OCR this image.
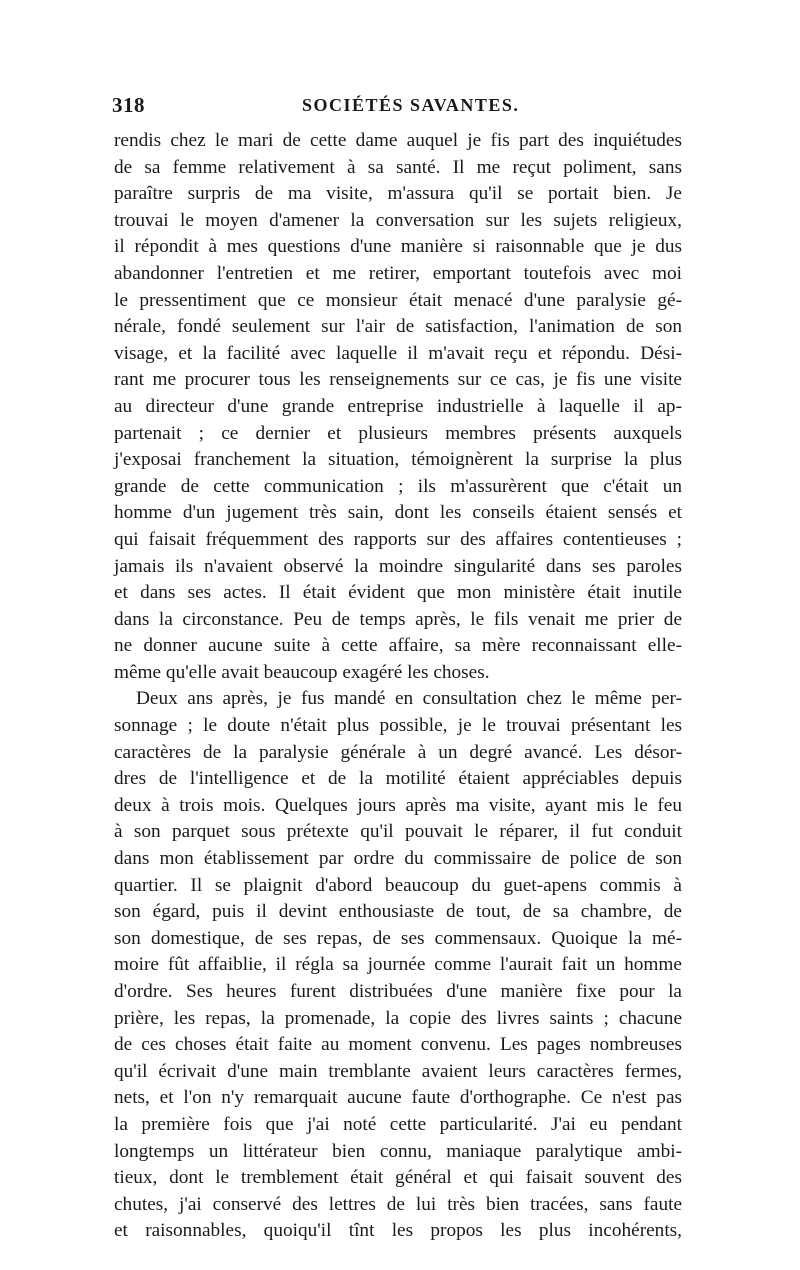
318	SOCIÉTÉS SAVANTES.
rendis chez le mari de cette dame auquel je fis part des inquiétudes
de sa femme relativement à sa santé. Il me reçut poliment, sans
paraître surpris de ma visite, m'assura qu'il se portait bien. Je
trouvai le moyen d'amener la conversation sur les sujets religieux,
il répondit à mes questions d'une manière si raisonnable que je dus
abandonner l'entretien et me retirer, emportant toutefois avec moi
le pressentiment que ce monsieur était menacé d'une paralysie gé-
nérale, fondé seulement sur l'air de satisfaction, l'animation de son
visage, et la facilité avec laquelle il m'avait reçu et répondu. Dési-
rant me procurer tous les renseignements sur ce cas, je fis une visite
au directeur d'une grande entreprise industrielle à laquelle il ap-
partenait ; ce dernier et plusieurs membres présents auxquels
j'exposai franchement la situation, témoignèrent la surprise la plus
grande de cette communication ; ils m'assurèrent que c'était un
homme d'un jugement très sain, dont les conseils étaient sensés et
qui faisait fréquemment des rapports sur des affaires contentieuses ;
jamais ils n'avaient observé la moindre singularité dans ses paroles
et dans ses actes. Il était évident que mon ministère était inutile
dans la circonstance. Peu de temps après, le fils venait me prier de
ne donner aucune suite à cette affaire, sa mère reconnaissant elle-
même qu'elle avait beaucoup exagéré les choses.
Deux ans après, je fus mandé en consultation chez le même per-
sonnage ; le doute n'était plus possible, je le trouvai présentant les
caractères de la paralysie générale à un degré avancé. Les désor-
dres de l'intelligence et de la motilité étaient appréciables depuis
deux à trois mois. Quelques jours après ma visite, ayant mis le feu
à son parquet sous prétexte qu'il pouvait le réparer, il fut conduit
dans mon établissement par ordre du commissaire de police de son
quartier. Il se plaignit d'abord beaucoup du guet-apens commis à
son égard, puis il devint enthousiaste de tout, de sa chambre, de
son domestique, de ses repas, de ses commensaux. Quoique la mé-
moire fût affaiblie, il régla sa journée comme l'aurait fait un homme
d'ordre. Ses heures furent distribuées d'une manière fixe pour la
prière, les repas, la promenade, la copie des livres saints ; chacune
de ces choses était faite au moment convenu. Les pages nombreuses
qu'il écrivait d'une main tremblante avaient leurs caractères fermes,
nets, et l'on n'y remarquait aucune faute d'orthographe. Ce n'est pas
la première fois que j'ai noté cette particularité. J'ai eu pendant
longtemps un littérateur bien connu, maniaque paralytique ambi-
tieux, dont le tremblement était général et qui faisait souvent des
chutes, j'ai conservé des lettres de lui très bien tracées, sans faute
et raisonnables, quoiqu'il tînt les propos les plus incohérents,
